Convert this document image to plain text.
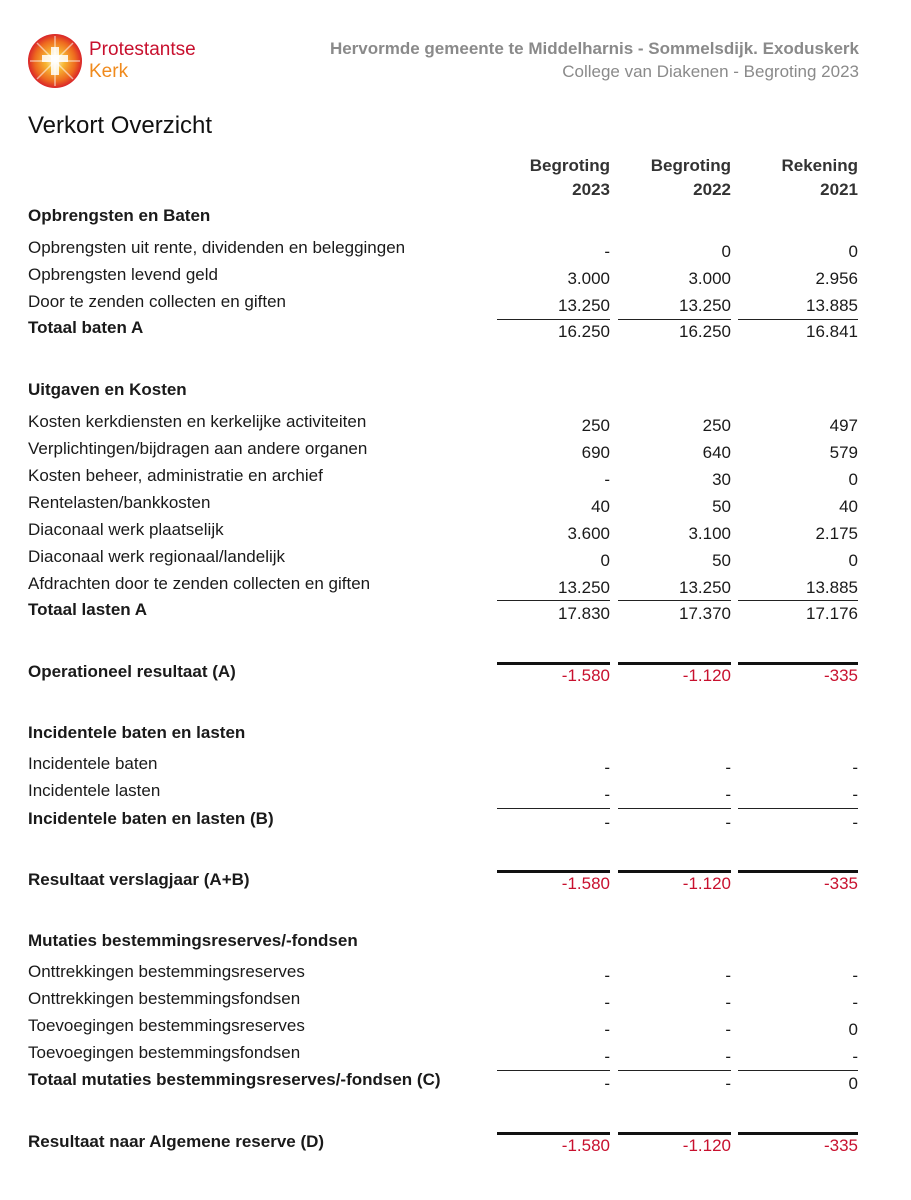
Protestantse
Kerk
Hervormde gemeente te Middelharnis - Sommelsdijk. Exoduskerk
College van Diakenen - Begroting 2023
Verkort Overzicht
Begroting
2023
Begroting
2022
Rekening
2021
Opbrengsten en Baten
Opbrengsten uit rente, dividenden en beleggingen	-	0	0
Opbrengsten levend geld	3.000	3.000	2.956
Door te zenden collecten en giften	13.250	13.250	13.885
Totaal baten A	16.250	16.250	16.841
Uitgaven en Kosten
Kosten kerkdiensten en kerkelijke activiteiten	250	250	497
Verplichtingen/bijdragen aan andere organen	690	640	579
Kosten beheer, administratie en archief	-	30	0
Rentelasten/bankkosten	40	50	40
Diaconaal werk plaatselijk	3.600	3.100	2.175
Diaconaal werk regionaal/landelijk	0	50	0
Afdrachten door te zenden collecten en giften	13.250	13.250	13.885
Totaal lasten A	17.830	17.370	17.176
Operationeel resultaat (A)	-1.580	-1.120	-335
Incidentele baten en lasten
Incidentele baten	-	-	-
Incidentele lasten	-	-	-
Incidentele baten en lasten (B)	-	-	-
Resultaat verslagjaar (A+B)	-1.580	-1.120	-335
Mutaties bestemmingsreserves/-fondsen
Onttrekkingen bestemmingsreserves	-	-	-
Onttrekkingen bestemmingsfondsen	-	-	-
Toevoegingen bestemmingsreserves	-	-	0
Toevoegingen bestemmingsfondsen	-	-	-
Totaal mutaties bestemmingsreserves/-fondsen (C)	-	-	0
Resultaat naar Algemene reserve (D)	-1.580	-1.120	-335
